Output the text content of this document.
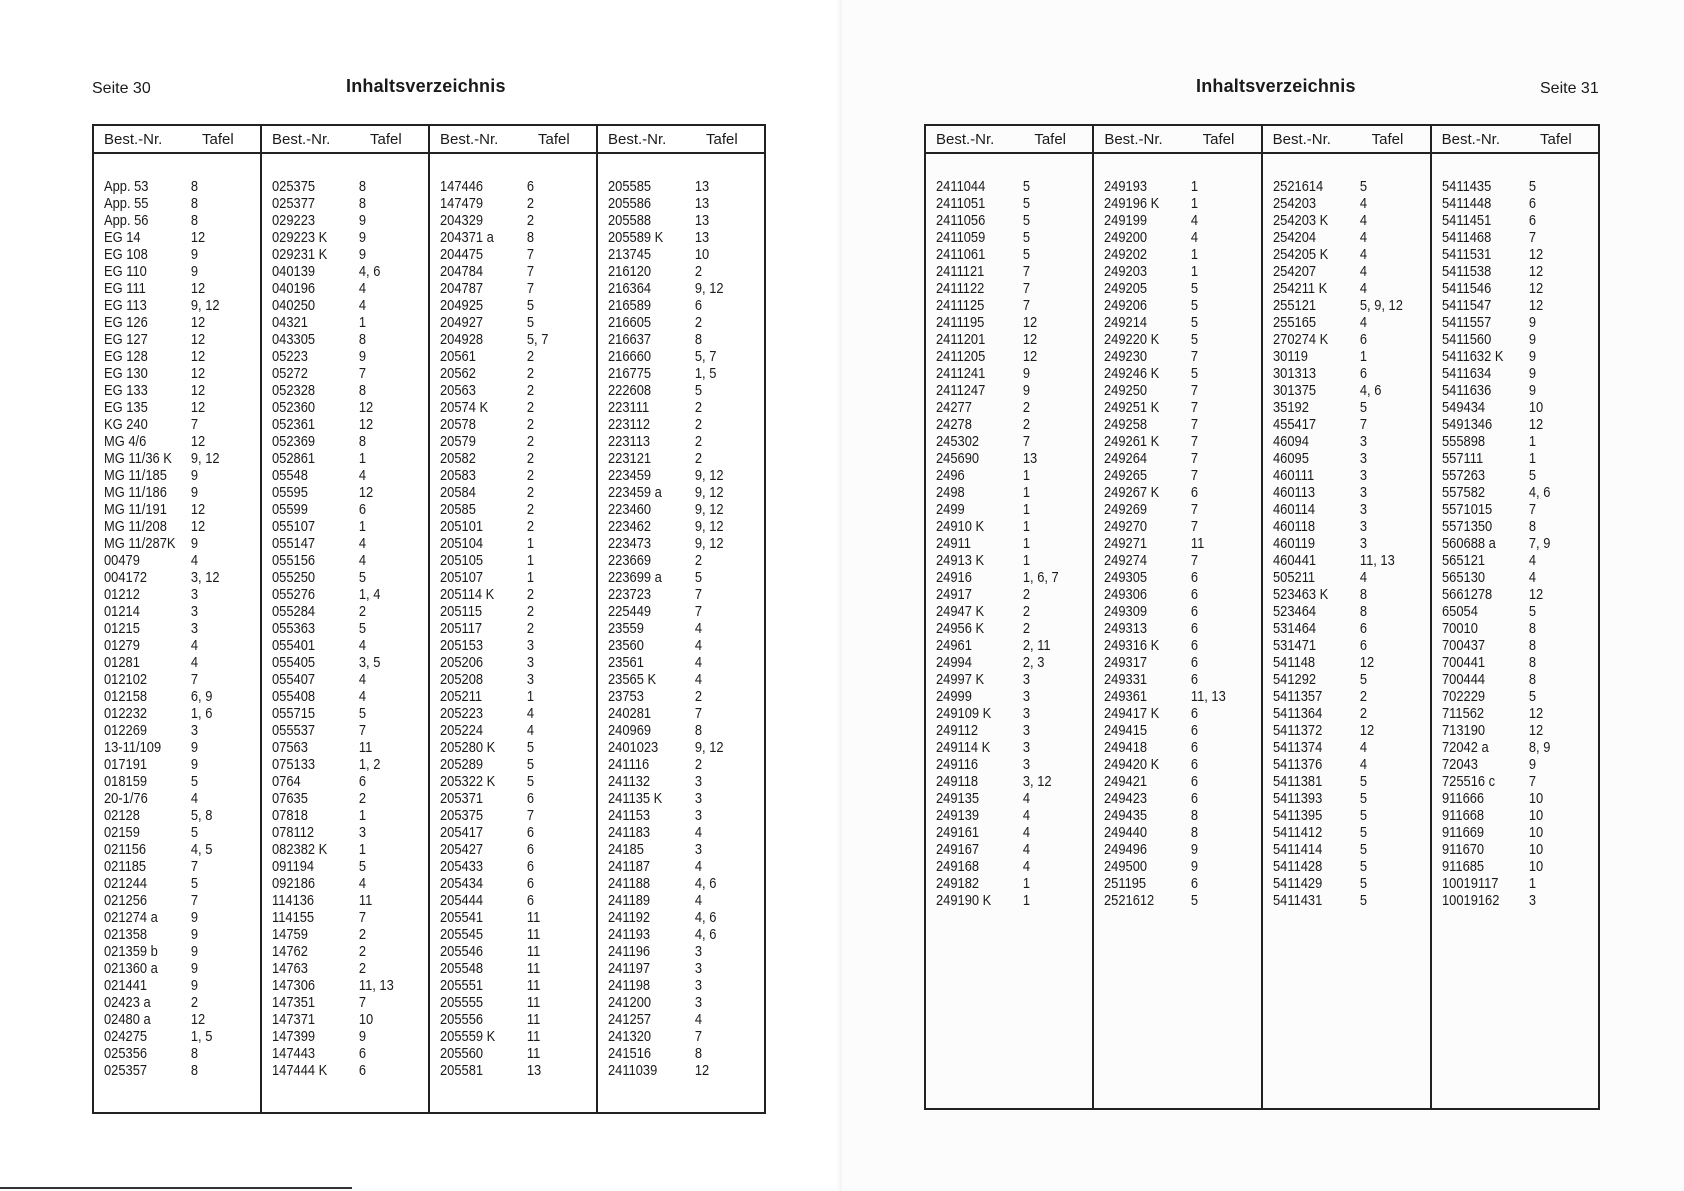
Seite 30	Inhaltsverzeichnis
Best.-Nr.	Tafel
App. 53	8
App. 55	8
App. 56	8
EG 14	12
EG 108	9
EG 110	9
EG 111	12
EG 113	9, 12
EG 126	12
EG 127	12
EG 128	12
EG 130	12
EG 133	12
EG 135	12
KG 240	7
MG 4/6	12
MG 11/36 K	9, 12
MG 11/185	9
MG 11/186	9
MG 11/191	12
MG 11/208	12
MG 11/287K	9
00479	4
004172	3, 12
01212	3
01214	3
01215	3
01279	4
01281	4
012102	7
012158	6, 9
012232	1, 6
012269	3
13-11/109	9
017191	9
018159	5
20-1/76	4
02128	5, 8
02159	5
021156	4, 5
021185	7
021244	5
021256	7
021274 a	9
021358	9
021359 b	9
021360 a	9
021441	9
02423 a	2
02480 a	12
024275	1, 5
025356	8
025357	8
Best.-Nr.	Tafel
025375	8
025377	8
029223	9
029223 K	9
029231 K	9
040139	4, 6
040196	4
040250	4
04321	1
043305	8
05223	9
05272	7
052328	8
052360	12
052361	12
052369	8
052861	1
05548	4
05595	12
05599	6
055107	1
055147	4
055156	4
055250	5
055276	1, 4
055284	2
055363	5
055401	4
055405	3, 5
055407	4
055408	4
055715	5
055537	7
07563	11
075133	1, 2
0764	6
07635	2
07818	1
078112	3
082382 K	1
091194	5
092186	4
114136	11
114155	7
14759	2
14762	2
14763	2
147306	11, 13
147351	7
147371	10
147399	9
147443	6
147444 K	6
Best.-Nr.	Tafel
147446	6
147479	2
204329	2
204371 a	8
204475	7
204784	7
204787	7
204925	5
204927	5
204928	5, 7
20561	2
20562	2
20563	2
20574 K	2
20578	2
20579	2
20582	2
20583	2
20584	2
20585	2
205101	2
205104	1
205105	1
205107	1
205114 K	2
205115	2
205117	2
205153	3
205206	3
205208	3
205211	1
205223	4
205224	4
205280 K	5
205289	5
205322 K	5
205371	6
205375	7
205417	6
205427	6
205433	6
205434	6
205444	6
205541	11
205545	11
205546	11
205548	11
205551	11
205555	11
205556	11
205559 K	11
205560	11
205581	13
Best.-Nr.	Tafel
205585	13
205586	13
205588	13
205589 K	13
213745	10
216120	2
216364	9, 12
216589	6
216605	2
216637	8
216660	5, 7
216775	1, 5
222608	5
223111	2
223112	2
223113	2
223121	2
223459	9, 12
223459 a	9, 12
223460	9, 12
223462	9, 12
223473	9, 12
223669	2
223699 a	5
223723	7
225449	7
23559	4
23560	4
23561	4
23565 K	4
23753	2
240281	7
240969	8
2401023	9, 12
241116	2
241132	3
241135 K	3
241153	3
241183	4
24185	3
241187	4
241188	4, 6
241189	4
241192	4, 6
241193	4, 6
241196	3
241197	3
241198	3
241200	3
241257	4
241320	7
241516	8
2411039	12
Inhaltsverzeichnis	Seite 31
Best.-Nr.	Tafel
2411044	5
2411051	5
2411056	5
2411059	5
2411061	5
2411121	7
2411122	7
2411125	7
2411195	12
2411201	12
2411205	12
2411241	9
2411247	9
24277	2
24278	2
245302	7
245690	13
2496	1
2498	1
2499	1
24910 K	1
24911	1
24913 K	1
24916	1, 6, 7
24917	2
24947 K	2
24956 K	2
24961	2, 11
24994	2, 3
24997 K	3
24999	3
249109 K	3
249112	3
249114 K	3
249116	3
249118	3, 12
249135	4
249139	4
249161	4
249167	4
249168	4
249182	1
249190 K	1
Best.-Nr.	Tafel
249193	1
249196 K	1
249199	4
249200	4
249202	1
249203	1
249205	5
249206	5
249214	5
249220 K	5
249230	7
249246 K	5
249250	7
249251 K	7
249258	7
249261 K	7
249264	7
249265	7
249267 K	6
249269	7
249270	7
249271	11
249274	7
249305	6
249306	6
249309	6
249313	6
249316 K	6
249317	6
249331	6
249361	11, 13
249417 K	6
249415	6
249418	6
249420 K	6
249421	6
249423	6
249435	8
249440	8
249496	9
249500	9
251195	6
2521612	5
Best.-Nr.	Tafel
2521614	5
254203	4
254203 K	4
254204	4
254205 K	4
254207	4
254211 K	4
255121	5, 9, 12
255165	4
270274 K	6
30119	1
301313	6
301375	4, 6
35192	5
455417	7
46094	3
46095	3
460111	3
460113	3
460114	3
460118	3
460119	3
460441	11, 13
505211	4
523463 K	8
523464	8
531464	6
531471	6
541148	12
541292	5
5411357	2
5411364	2
5411372	12
5411374	4
5411376	4
5411381	5
5411393	5
5411395	5
5411412	5
5411414	5
5411428	5
5411429	5
5411431	5
Best.-Nr.	Tafel
5411435	5
5411448	6
5411451	6
5411468	7
5411531	12
5411538	12
5411546	12
5411547	12
5411557	9
5411560	9
5411632 K	9
5411634	9
5411636	9
549434	10
5491346	12
555898	1
557111	1
557263	5
557582	4, 6
5571015	7
5571350	8
560688 a	7, 9
565121	4
565130	4
5661278	12
65054	5
70010	8
700437	8
700441	8
700444	8
702229	5
711562	12
713190	12
72042 a	8, 9
72043	9
725516 c	7
911666	10
911668	10
911669	10
911670	10
911685	10
10019117	1
10019162	3
